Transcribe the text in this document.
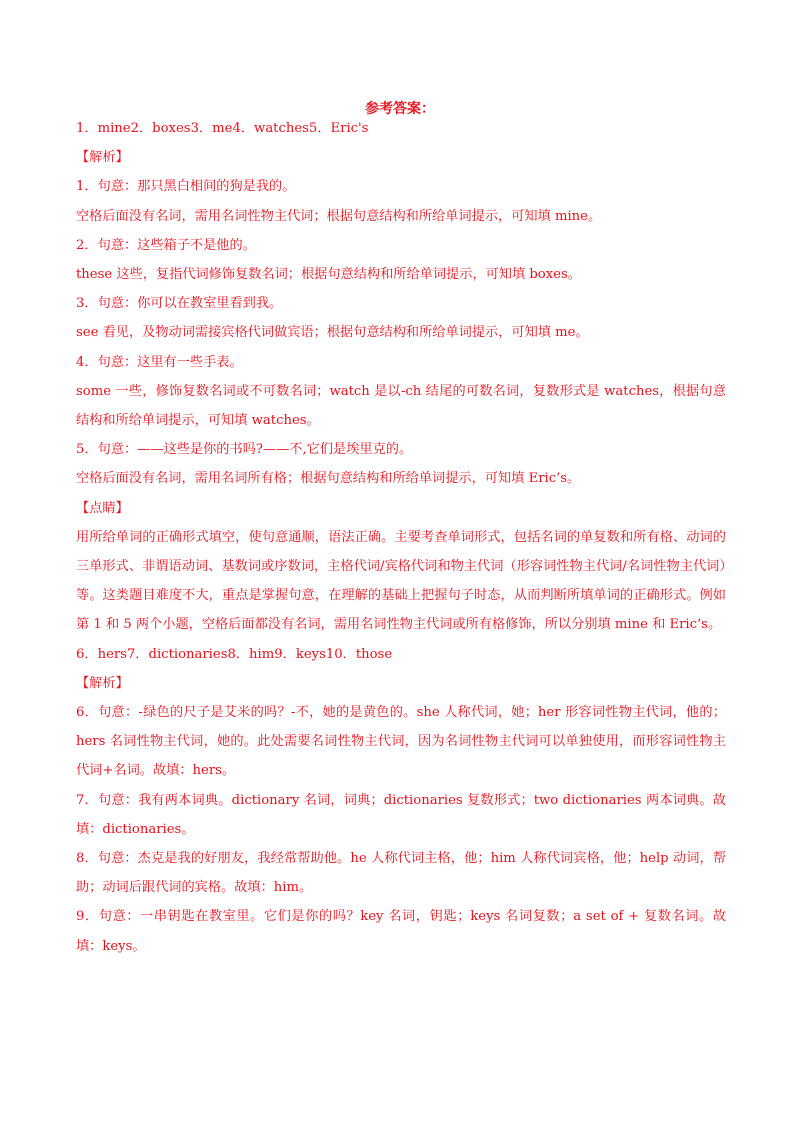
参考答案：

1．mine2．boxes3．me4．watches5．Eric's

【解析】

1．句意：那只黑白相间的狗是我的。

空格后面没有名词，需用名词性物主代词；根据句意结构和所给单词提示，可知填 mine。

2．句意：这些箱子不是他的。

these 这些，复指代词修饰复数名词；根据句意结构和所给单词提示，可知填 boxes。

3．句意：你可以在教室里看到我。

see 看见，及物动词需接宾格代词做宾语；根据句意结构和所给单词提示，可知填 me。

4．句意：这里有一些手表。

some 一些，修饰复数名词或不可数名词；watch 是以-ch 结尾的可数名词，复数形式是 watches，根据句意结构和所给单词提示，可知填 watches。

5．句意：——这些是你的书吗?——不,它们是埃里克的。

空格后面没有名词，需用名词所有格；根据句意结构和所给单词提示，可知填 Eric’s。

【点睛】

用所给单词的正确形式填空，使句意通顺，语法正确。主要考查单词形式，包括名词的单复数和所有格、动词的三单形式、非谓语动词、基数词或序数词，主格代词/宾格代词和物主代词（形容词性物主代词/名词性物主代词）等。这类题目难度不大，重点是掌握句意，在理解的基础上把握句子时态，从而判断所填单词的正确形式。例如第 1 和 5 两个小题，空格后面都没有名词，需用名词性物主代词或所有格修饰，所以分别填 mine 和 Eric’s。

6．hers7．dictionaries8．him9．keys10．those

【解析】

6．句意：-绿色的尺子是艾米的吗？-不，她的是黄色的。she 人称代词，她；her 形容词性物主代词，他的；hers 名词性物主代词，她的。此处需要名词性物主代词，因为名词性物主代词可以单独使用，而形容词性物主代词+名词。故填：hers。

7．句意：我有两本词典。dictionary 名词，词典；dictionaries 复数形式；two dictionaries 两本词典。故填：dictionaries。

8．句意：杰克是我的好朋友，我经常帮助他。he 人称代词主格，他；him 人称代词宾格，他；help 动词，帮助；动词后跟代词的宾格。故填：him。

9．句意：一串钥匙在教室里。它们是你的吗？key 名词，钥匙；keys 名词复数；a set of + 复数名词。故填：keys。
